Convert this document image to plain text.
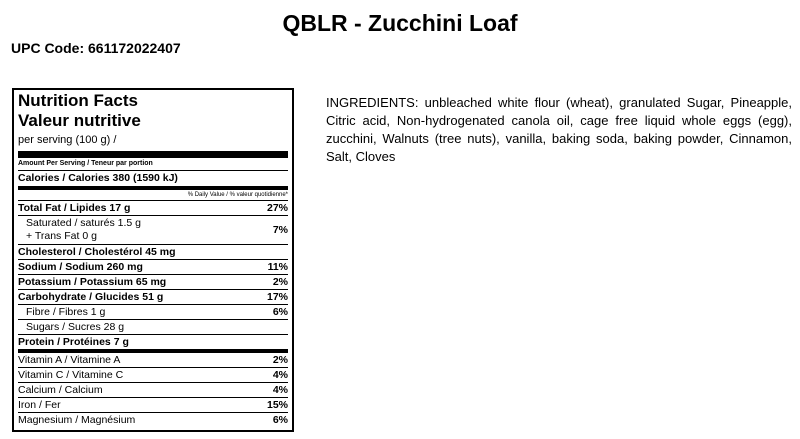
QBLR - Zucchini Loaf
UPC Code: 661172022407
Nutrition Facts
Valeur nutritive
per serving (100 g) /
Amount Per Serving / Teneur par portion
Calories / Calories 380 (1590 kJ)
% Daily Value / % valeur quotidienne*
Total Fat / Lipides 17 g	27%
Saturated / saturés 1.5 g
+ Trans Fat 0 g	7%
Cholesterol / Cholestérol 45 mg
Sodium / Sodium 260 mg	11%
Potassium / Potassium 65 mg	2%
Carbohydrate / Glucides 51 g	17%
Fibre / Fibres 1 g	6%
Sugars / Sucres 28 g
Protein / Protéines 7 g
Vitamin A / Vitamine A	2%
Vitamin C / Vitamine C	4%
Calcium / Calcium	4%
Iron / Fer	15%
Magnesium / Magnésium	6%
INGREDIENTS: unbleached white flour (wheat), granulated Sugar, Pineapple, Citric acid, Non-hydrogenated canola oil, cage free liquid whole eggs (egg), zucchini, Walnuts (tree nuts), vanilla, baking soda, baking powder, Cinnamon, Salt, Cloves
